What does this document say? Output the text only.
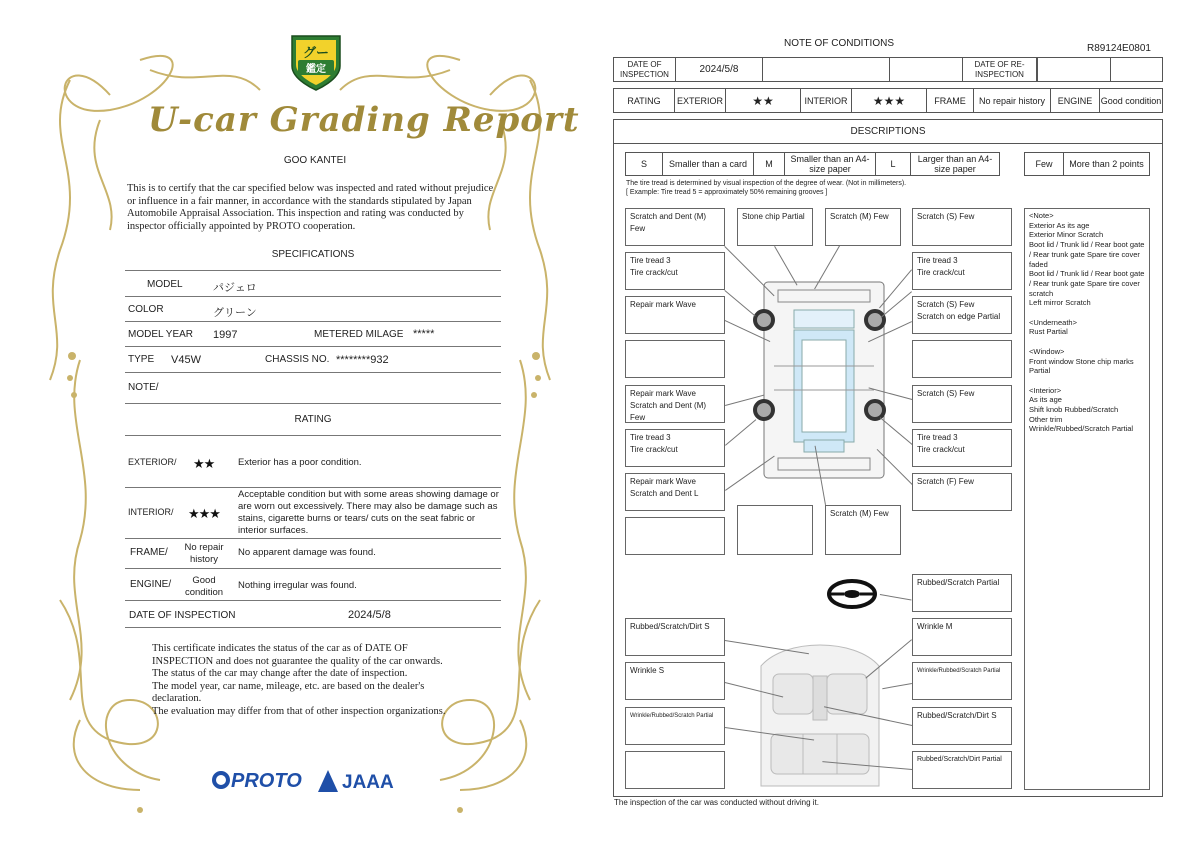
グー
鑑定
U-car Grading Report
GOO KANTEI
This is to certify that the car specified below was inspected and rated without prejudice or influence in a fair manner, in accordance with the standards stipulated by Japan Automobile Appraisal Association. This inspection and rating was conducted by inspector officially appointed by PROTO cooperation.
SPECIFICATIONS
MODEL	パジェロ
COLOR	グリーン
MODEL YEAR 1997	METERED MILAGE *****
TYPE V45W	CHASSIS NO. ********932
NOTE/
RATING
EXTERIOR/ ★★ Exterior has a poor condition.
INTERIOR/ ★★★
Acceptable condition but with some areas showing damage or are worn out excessively. There may also be damage such as stains, cigarette burns or tears/ cuts on the seat fabric or interior surfaces.
FRAME/	No repair history
No apparent damage was found.
ENGINE/	Good condition
Nothing irregular was found.
DATE OF INSPECTION	2024/5/8
This certificate indicates the status of the car as of DATE OF
INSPECTION and does not guarantee the quality of the car onwards.
The status of the car may change after the date of inspection.
The model year, car name, mileage, etc. are based on the dealer's
declaration.
The evaluation may differ from that of other inspection organizations.
PROTO	JAAA
NOTE OF CONDITIONS	R89124E0801
DATE OF INSPECTION	2024/5/8	DATE OF RE-INSPECTION
RATING	EXTERIOR	★★	INTERIOR	★★★	FRAME	No repair history	ENGINE Good condition
DESCRIPTIONS
S	Smaller than a card	M	Smaller than an A4-size paper	L	Larger than an A4-size paper	Few	More than 2 points
The tire tread is determined by visual inspection of the degree of wear. (Not in millimeters).
[ Example: Tire tread 5 = approximately 50% remaining grooves ]
Scratch and Dent (M) Few
Stone chip Partial	Scratch (M) Few	Scratch (S) Few
Tire tread 3
Tire crack/cut
Tire tread 3
Tire crack/cut
Repair mark Wave	Scratch (S) Few
Scratch on edge Partial
Repair mark Wave
Scratch and Dent (M) Few
Scratch (S) Few
Tire tread 3
Tire crack/cut
Tire tread 3
Tire crack/cut
Repair mark Wave
Scratch and Dent L
Scratch (F) Few
Scratch (M) Few
<Note>
Exterior As its age
Exterior Minor Scratch
Boot lid / Trunk lid / Rear boot gate / Rear trunk gate Spare tire cover faded
Boot lid / Trunk lid / Rear boot gate / Rear trunk gate Spare tire cover scratch
Left mirror Scratch
<Underneath>
Rust Partial
<Window>
Front window Stone chip marks Partial
<Interior>
As its age
Shift knob Rubbed/Scratch
Other trim
Wrinkle/Rubbed/Scratch Partial
Rubbed/Scratch Partial
Rubbed/Scratch/Dirt S	Wrinkle M
Wrinkle S	Wrinkle/Rubbed/Scratch Partial
Wrinkle/Rubbed/Scratch Partial	Rubbed/Scratch/Dirt S
Rubbed/Scratch/Dirt Partial
The inspection of the car was conducted without driving it.
